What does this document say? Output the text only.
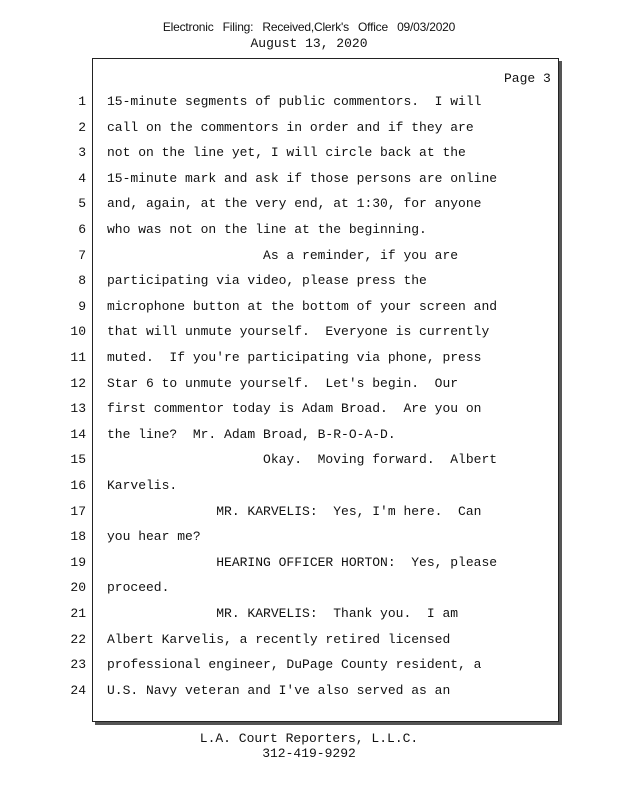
Electronic Filing: Received,Clerk's Office 09/03/2020
August 13, 2020
Page 3
1 15-minute segments of public commentors.  I will
2 call on the commentors in order and if they are
3 not on the line yet, I will circle back at the
4 15-minute mark and ask if those persons are online
5 and, again, at the very end, at 1:30, for anyone
6 who was not on the line at the beginning.
7 As a reminder, if you are
8 participating via video, please press the
9 microphone button at the bottom of your screen and
10 that will unmute yourself.  Everyone is currently
11 muted.  If you're participating via phone, press
12 Star 6 to unmute yourself.  Let's begin.  Our
13 first commentor today is Adam Broad.  Are you on
14 the line?  Mr. Adam Broad, B-R-O-A-D.
15 Okay.  Moving forward.  Albert
16 Karvelis.
17 MR. KARVELIS:  Yes, I'm here.  Can
18 you hear me?
19 HEARING OFFICER HORTON:  Yes, please
20 proceed.
21 MR. KARVELIS:  Thank you.  I am
22 Albert Karvelis, a recently retired licensed
23 professional engineer, DuPage County resident, a
24 U.S. Navy veteran and I've also served as an
L.A. Court Reporters, L.L.C.
312-419-9292
